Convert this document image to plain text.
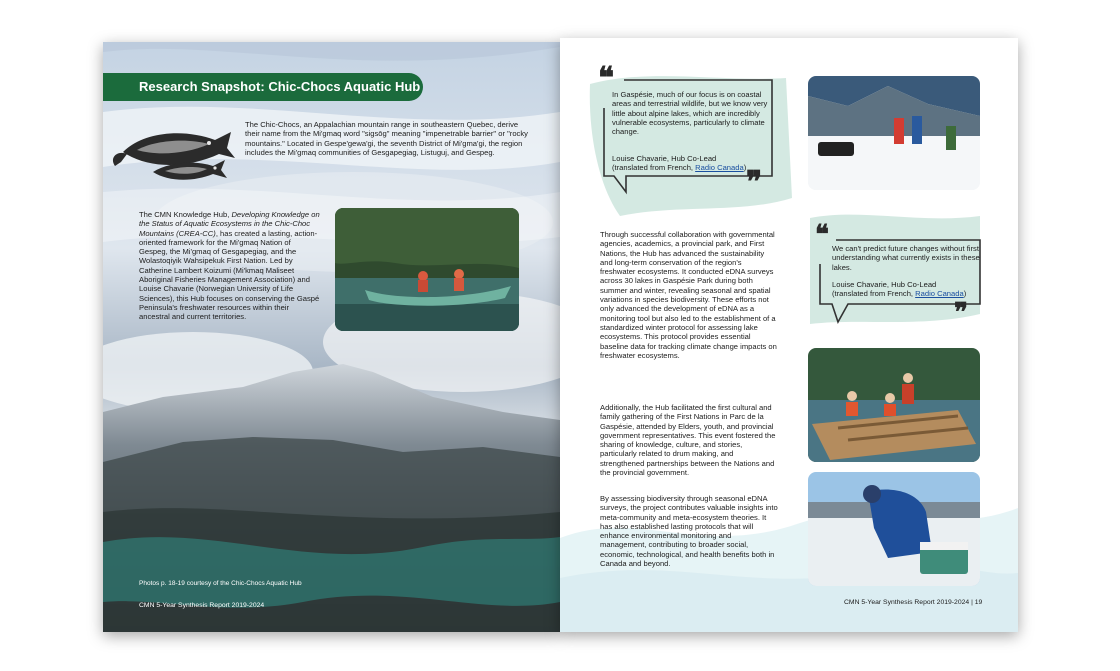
Research Snapshot: Chic-Chocs Aquatic Hub
The Chic-Chocs, an Appalachian mountain range in southeastern Quebec, derive their name from the Mi'gmaq word "sigsōg" meaning "impenetrable barrier" or "rocky mountains." Located in Gespe'gewa'gi, the seventh District of Mi'gma'gi, the region includes the Mi'gmaq communities of Gesgapegiag, Listuguj, and Gespeg.
The CMN Knowledge Hub, Developing Knowledge on the Status of Aquatic Ecosystems in the Chic-Choc Mountains (CREA-CC), has created a lasting, action-oriented framework for the Mi'gmaq Nation of Gespeg, the Mi'gmaq of Gesgapegiag, and the Wolastoqiyik Wahsipekuk First Nation. Led by Catherine Lambert Koizumi (Mi'kmaq Maliseet Aboriginal Fisheries Management Association) and Louise Chavarie (Norwegian University of Life Sciences), this Hub focuses on conserving the Gaspé Peninsula's freshwater resources within their ancestral and current territories.
Photos p. 18-19 courtesy of the Chic-Chocs Aquatic Hub
CMN 5-Year Synthesis Report 2019-2024
❝
In Gaspésie, much of our focus is on coastal areas and terrestrial wildlife, but we know very little about alpine lakes, which are incredibly vulnerable ecosystems, particularly to climate change.
Louise Chavarie, Hub Co-Lead
(translated from French, Radio Canada) ❞
Through successful collaboration with governmental agencies, academics, a provincial park, and First Nations, the Hub has advanced the sustainability and long-term conservation of the region's freshwater ecosystems. It conducted eDNA surveys across 30 lakes in Gaspésie Park during both summer and winter, revealing seasonal and spatial variations in species biodiversity. These efforts not only advanced the development of eDNA as a monitoring tool but also led to the establishment of a standardized winter protocol for assessing lake ecosystems. This protocol provides essential baseline data for tracking climate change impacts on freshwater ecosystems.
Additionally, the Hub facilitated the first cultural and family gathering of the First Nations in Parc de la Gaspésie, attended by Elders, youth, and provincial government representatives. This event fostered the sharing of knowledge, culture, and stories, particularly related to drum making, and strengthened partnerships between the Nations and the provincial government.
By assessing biodiversity through seasonal eDNA surveys, the project contributes valuable insights into meta-community and meta-ecosystem theories. It has also established lasting protocols that will enhance environmental monitoring and management, contributing to broader social, economic, technological, and health benefits both in Canada and beyond.
❝ We can't predict future changes without first understanding what currently exists in these lakes.
Louise Chavarie, Hub Co-Lead
(translated from French, Radio Canada)
❞
CMN 5-Year Synthesis Report 2019-2024 | 19
